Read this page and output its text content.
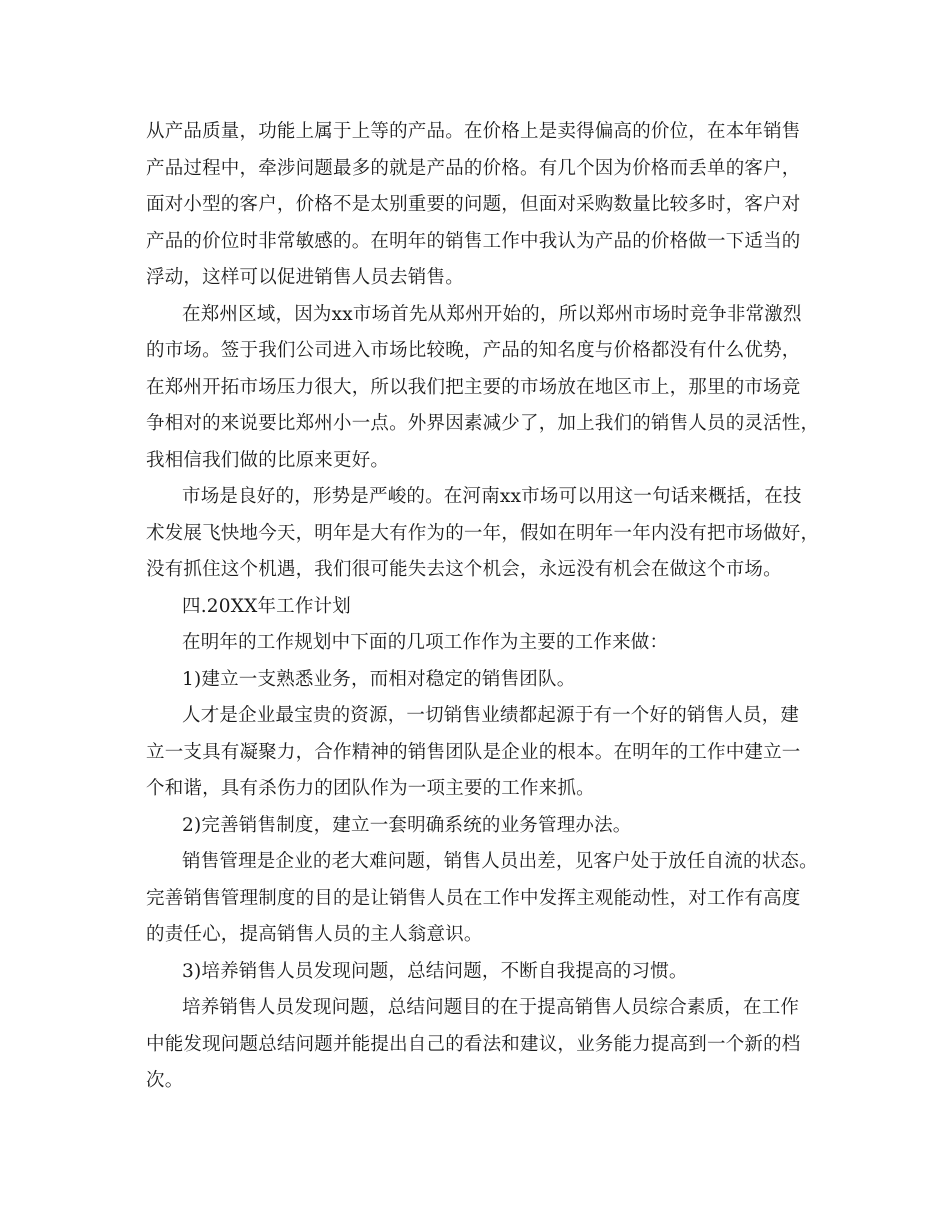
从产品质量，功能上属于上等的产品。在价格上是卖得偏高的价位，在本年销售
产品过程中，牵涉问题最多的就是产品的价格。有几个因为价格而丢单的客户，
面对小型的客户，价格不是太别重要的问题，但面对采购数量比较多时，客户对
产品的价位时非常敏感的。在明年的销售工作中我认为产品的价格做一下适当的
浮动，这样可以促进销售人员去销售。
在郑州区域，因为xx市场首先从郑州开始的，所以郑州市场时竞争非常激烈
的市场。签于我们公司进入市场比较晚，产品的知名度与价格都没有什么优势，
在郑州开拓市场压力很大，所以我们把主要的市场放在地区市上，那里的市场竞
争相对的来说要比郑州小一点。外界因素减少了，加上我们的销售人员的灵活性，
我相信我们做的比原来更好。
市场是良好的，形势是严峻的。在河南xx市场可以用这一句话来概括，在技
术发展飞快地今天，明年是大有作为的一年，假如在明年一年内没有把市场做好，
没有抓住这个机遇，我们很可能失去这个机会，永远没有机会在做这个市场。
四.20XX年工作计划
在明年的工作规划中下面的几项工作作为主要的工作来做：
1)建立一支熟悉业务，而相对稳定的销售团队。
人才是企业最宝贵的资源，一切销售业绩都起源于有一个好的销售人员，建
立一支具有凝聚力，合作精神的销售团队是企业的根本。在明年的工作中建立一
个和谐，具有杀伤力的团队作为一项主要的工作来抓。
2)完善销售制度，建立一套明确系统的业务管理办法。
销售管理是企业的老大难问题，销售人员出差，见客户处于放任自流的状态。
完善销售管理制度的目的是让销售人员在工作中发挥主观能动性，对工作有高度
的责任心，提高销售人员的主人翁意识。
3)培养销售人员发现问题，总结问题，不断自我提高的习惯。
培养销售人员发现问题，总结问题目的在于提高销售人员综合素质，在工作
中能发现问题总结问题并能提出自己的看法和建议，业务能力提高到一个新的档
次。
